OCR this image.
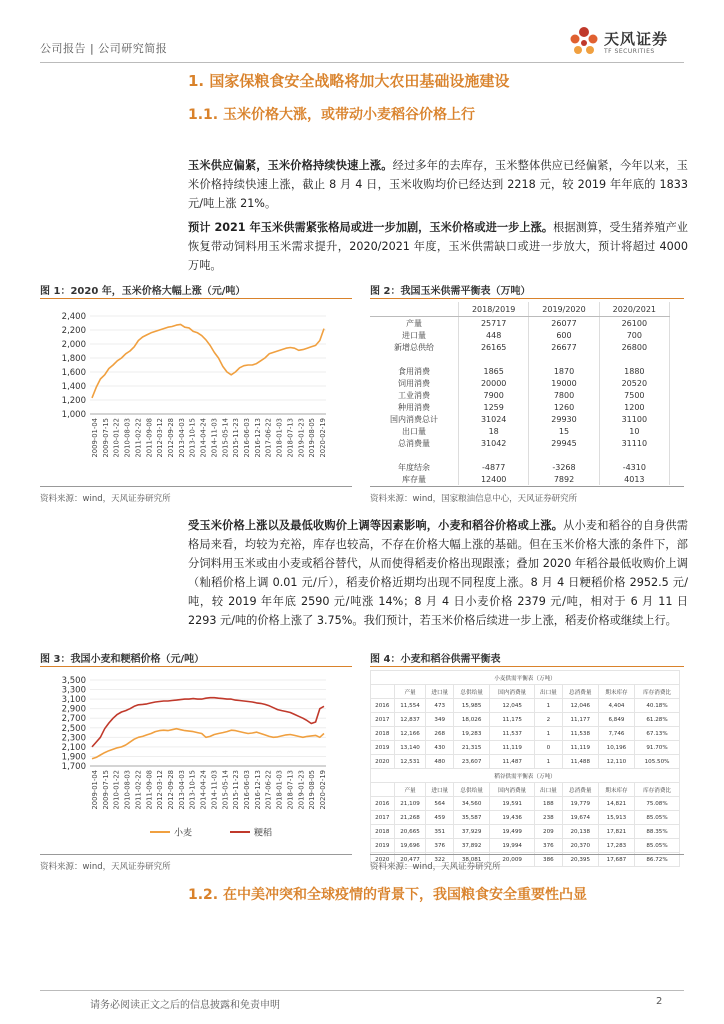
公司报告 | 公司研究简报
天风证券
TF SECURITIES
1. 国家保粮食安全战略将加大农田基础设施建设
1.1. 玉米价格大涨，或带动小麦稻谷价格上行
玉米供应偏紧，玉米价格持续快速上涨。经过多年的去库存，玉米整体供应已经偏紧，今年以来，玉米价格持续快速上涨，截止 8 月 4 日，玉米收购均价已经达到 2218 元，较 2019 年年底的 1833 元/吨上涨 21%。
预计 2021 年玉米供需紧张格局或进一步加剧，玉米价格或进一步上涨。根据测算，受生猪养殖产业恢复带动饲料用玉米需求提升，2020/2021 年度，玉米供需缺口或进一步放大，预计将超过 4000 万吨。
图 1：2020 年，玉米价格大幅上涨（元/吨）
1,000
1,200
1,400
1,600
1,800
2,000
2,200
2,400
2009-01-04 2009-07-15 2010-01-22 2010-08-03 2011-02-22 2011-09-08 2012-03-12 2012-09-28 2013-04-03 2013-10-15 2014-04-24 2014-11-03 2015-05-14 2015-11-23 2016-06-03 2016-12-13 2017-06-22 2018-01-03 2018-07-13 2019-01-23 2019-08-05 2020-02-19
资料来源：wind，天风证券研究所
图 2：我国玉米供需平衡表（万吨）
	2018/2019	2019/2020	2020/2021
产量	25717	26077	26100
进口量	448	600	700
新增总供给	26165	26677	26800

食用消费	1865	1870	1880
饲用消费	20000	19000	20520
工业消费	7900	7800	7500
种用消费	1259	1260	1200
国内消费总计	31024	29930	31100
出口量	18	15	10
总消费量	31042	29945	31110

年度结余	-4877	-3268	-4310
库存量	12400	7892	4013
资料来源：wind，国家粮油信息中心，天风证券研究所
受玉米价格上涨以及最低收购价上调等因素影响，小麦和稻谷价格或上涨。从小麦和稻谷的自身供需格局来看，均较为充裕，库存也较高，不存在价格大幅上涨的基础。但在玉米价格大涨的条件下，部分饲料用玉米或由小麦或稻谷替代，从而使得稻麦价格出现跟涨；叠加 2020 年稻谷最低收购价上调（籼稻价格上调 0.01 元/斤），稻麦价格近期均出现不同程度上涨。8 月 4 日粳稻价格 2952.5 元/吨，较 2019 年年底 2590 元/吨涨 14%；8 月 4 日小麦价格 2379 元/吨，相对于 6 月 11 日 2293 元/吨的价格上涨了 3.75%。我们预计，若玉米价格后续进一步上涨，稻麦价格或继续上行。
图 3：我国小麦和粳稻价格（元/吨）
1,700
1,900
2,100
2,300
2,500
2,700
2,900
3,100
3,300
3,500
2009-01-04 2009-07-15 2010-01-22 2010-08-03 2011-02-22 2011-09-08 2012-03-12 2012-09-28 2013-04-03 2013-10-15 2014-04-24 2014-11-03 2015-05-14 2015-11-23 2016-06-03 2016-12-13 2017-06-22 2018-01-03 2018-07-13 2019-01-23 2019-08-05 2020-02-19
小麦	粳稻
资料来源：wind，天风证券研究所
图 4：小麦和稻谷供需平衡表
小麦供需平衡表（万吨）								
	产量	进口量	总供给量	国内消费量	出口量	总消费量	期末库存	库存消费比
2016	11,554	473	15,985	12,045	1	12,046	4,404	40.18%
2017	12,837	349	18,026	11,175	2	11,177	6,849	61.28%
2018	12,166	268	19,283	11,537	1	11,538	7,746	67.13%
2019	13,140	430	21,315	11,119	0	11,119	10,196	91.70%
2020	12,531	480	23,607	11,487	1	11,488	12,110	105.50%
稻谷供需平衡表（万吨）								
	产量	进口量	总供给量	国内消费量	出口量	总消费量	期末库存	库存消费比
2016	21,109	564	34,560	19,591	188	19,779	14,821	75.08%
2017	21,268	459	35,587	19,436	238	19,674	15,913	85.05%
2018	20,665	351	37,929	19,499	209	20,138	17,821	88.35%
2019	19,696	376	37,892	19,994	376	20,370	17,283	85.05%
2020	20,477	322	38,081	20,009	386	20,395	17,687	86.72%
资料来源：wind，天风证券研究所
1.2. 在中美冲突和全球疫情的背景下，我国粮食安全重要性凸显
请务必阅读正文之后的信息披露和免责申明	2
